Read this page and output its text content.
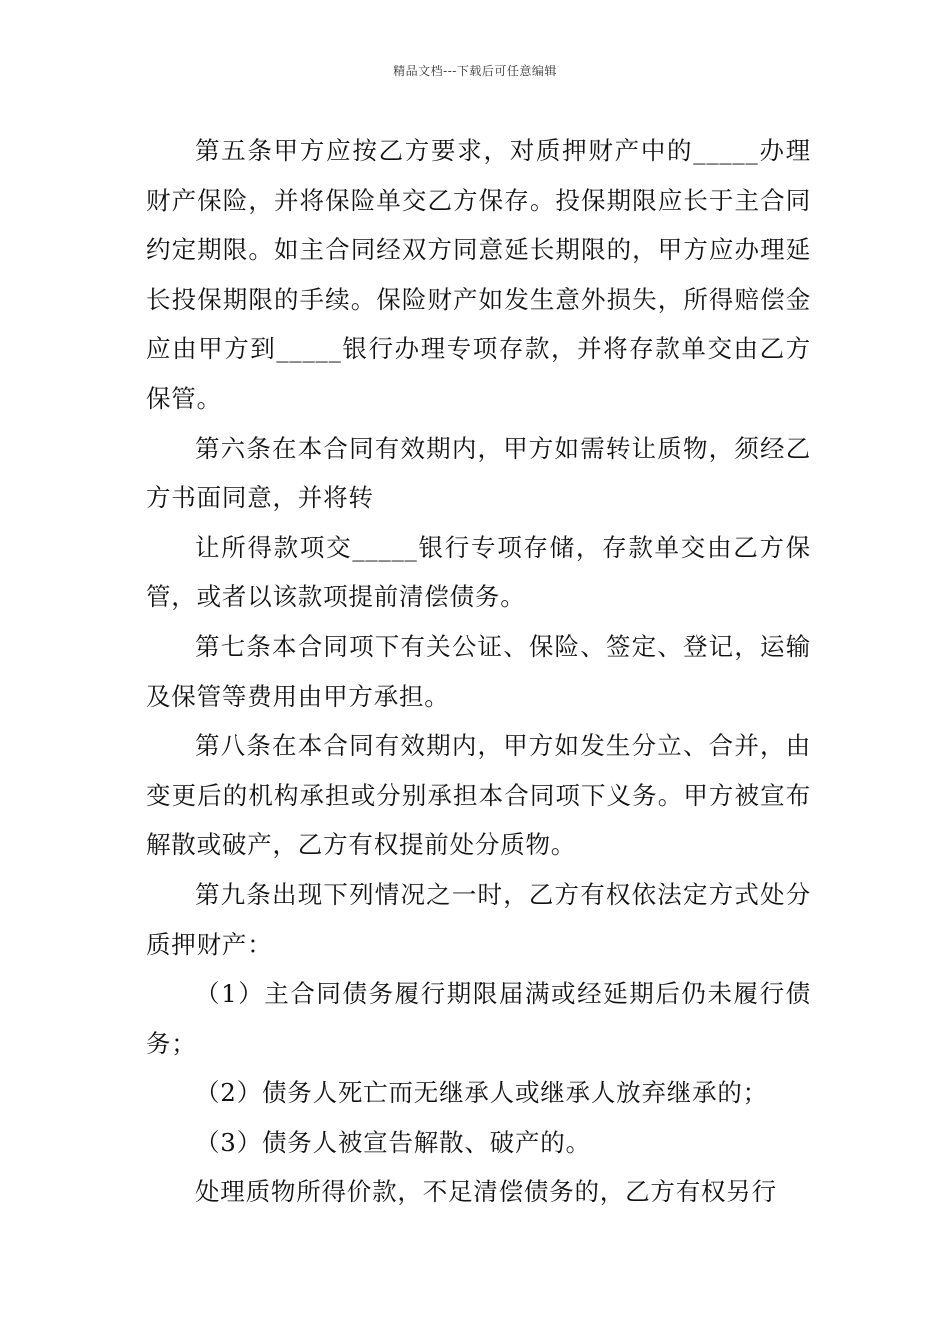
精品文档---下载后可任意编辑

第五条甲方应按乙方要求，对质押财产中的_____办理财产保险，并将保险单交乙方保存。投保期限应长于主合同约定期限。如主合同经双方同意延长期限的，甲方应办理延长投保期限的手续。保险财产如发生意外损失，所得赔偿金应由甲方到_____银行办理专项存款，并将存款单交由乙方保管。

第六条在本合同有效期内，甲方如需转让质物，须经乙方书面同意，并将转

让所得款项交_____银行专项存储，存款单交由乙方保管，或者以该款项提前清偿债务。

第七条本合同项下有关公证、保险、签定、登记，运输及保管等费用由甲方承担。

第八条在本合同有效期内，甲方如发生分立、合并，由变更后的机构承担或分别承担本合同项下义务。甲方被宣布解散或破产，乙方有权提前处分质物。

第九条出现下列情况之一时，乙方有权依法定方式处分质押财产：

（1）主合同债务履行期限届满或经延期后仍未履行债务；

（2）债务人死亡而无继承人或继承人放弃继承的；

（3）债务人被宣告解散、破产的。

处理质物所得价款，不足清偿债务的，乙方有权另行
